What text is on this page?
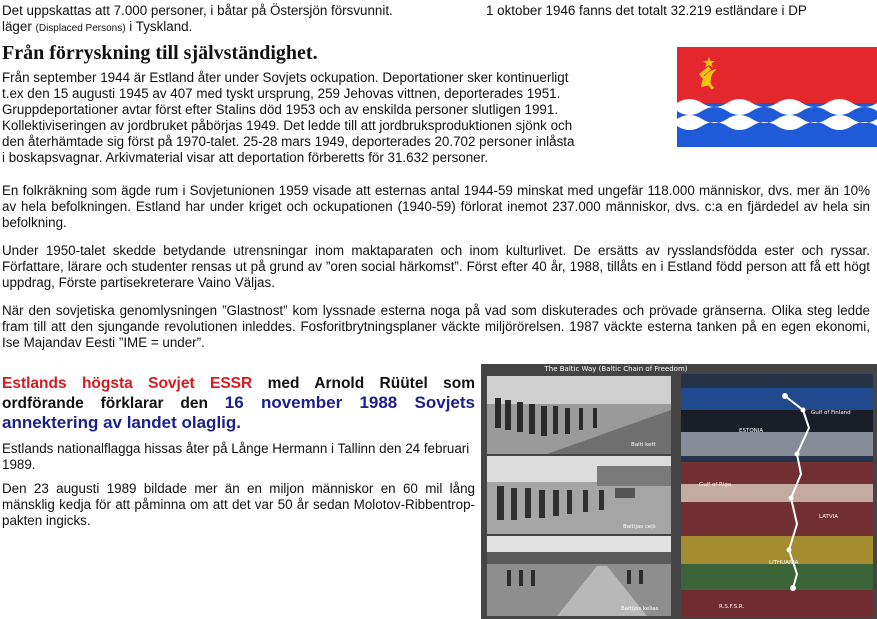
Det uppskattas att 7.000 personer, i båtar på Östersjön försvunnit.	1 oktober 1946 fanns det totalt 32.219 estländare i DP
läger (Displaced Persons) i Tyskland.
Från förryskning till självständighet.
Från september 1944 är Estland åter under Sovjets ockupation. Deportationer sker kontinuerligt
t.ex den 15 augusti 1945 av 407 med tyskt ursprung, 259 Jehovas vittnen, deporterades 1951.
Gruppdeportationer avtar först efter Stalins död 1953 och av enskilda personer slutligen 1991.
Kollektiviseringen av jordbruket påbörjas 1949. Det ledde till att jordbruksproduktionen sjönk och
den återhämtade sig först på 1970-talet. 25-28 mars 1949, deporterades 20.702 personer inlåsta
i boskapsvagnar. Arkivmaterial visar att deportation förberetts för 31.632 personer.
En folkräkning som ägde rum i Sovjetunionen 1959 visade att esternas antal 1944-59 minskat med ungefär 118.000 människor, dvs. mer än 10% av hela befolkningen. Estland har under kriget och ockupationen (1940-59) förlorat inemot 237.000 människor, dvs. c:a en fjärdedel av hela sin befolkning.
Under 1950-talet skedde betydande utrensningar inom maktaparaten och inom kulturlivet. De ersätts av rysslandsfödda ester och ryssar. Författare, lärare och studenter rensas ut på grund av ”oren social härkomst”. Först efter 40 år, 1988, tillåts en i Estland född person att få ett högt uppdrag, Förste partisekreterare Vaino Väljas.
När den sovjetiska genomlysningen ”Glastnost” kom lyssnade esterna noga på vad som diskuterades och prövade gränserna. Olika steg ledde fram till att den sjungande revolutionen inleddes. Fosforitbrytningsplaner väckte miljörörelsen. 1987 väckte esterna tanken på en egen ekonomi, Ise Majandav Eesti ”IME = under”.
Estlands högsta Sovjet ESSR med Arnold Rüütel som ordförande förklarar den 16 november 1988 Sovjets annektering av landet olaglig.
Estlands nationalflagga hissas åter på Långe Hermann i Tallinn den 24 februari 1989.
Den 23 augusti 1989 bildade mer än en miljon människor en 60 mil lång mänsklig kedja för att påminna om att det var 50 år sedan Molotov-Ribbentrop-pakten ingicks.
The Baltic Way (Baltic Chain of Freedom)
Balti kett
Baltijas ceļš
Baltijos kelias
Gulf of Finland
ESTONIA
Gulf of Riga
LATVIA
LITHUANIA
R.S.F.S.R.
